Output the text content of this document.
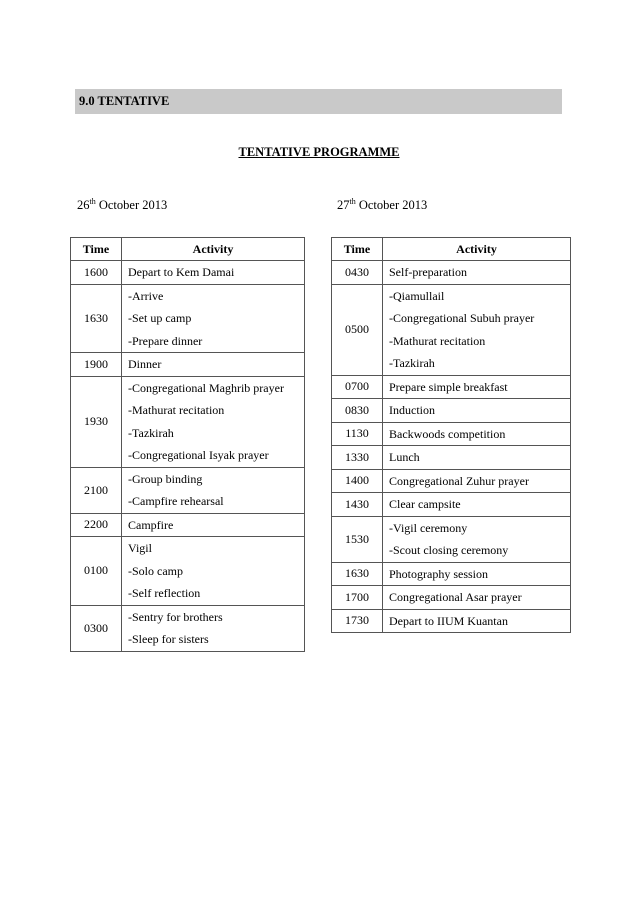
9.0 TENTATIVE
TENTATIVE PROGRAMME
26th October 2013	27th October 2013
Time	Activity
1600	Depart to Kem Damai

1630	-Arrive
-Set up camp
-Prepare dinner

1900	Dinner

1930	-Congregational Maghrib prayer
-Mathurat recitation
-Tazkirah
-Congregational Isyak prayer

2100	-Group binding
-Campfire rehearsal

2200	Campfire

0100	Vigil
-Solo camp
-Self reflection

0300	-Sentry for brothers
-Sleep for sisters
Time	Activity
0430	Self-preparation

0500	-Qiamullail
-Congregational Subuh prayer
-Mathurat recitation
-Tazkirah

0700	Prepare simple breakfast

0830	Induction

1130	Backwoods competition

1330	Lunch

1400	Congregational Zuhur prayer

1430	Clear campsite

1530	-Vigil ceremony
-Scout closing ceremony

1630	Photography session

1700	Congregational Asar prayer

1730	Depart to IIUM Kuantan
